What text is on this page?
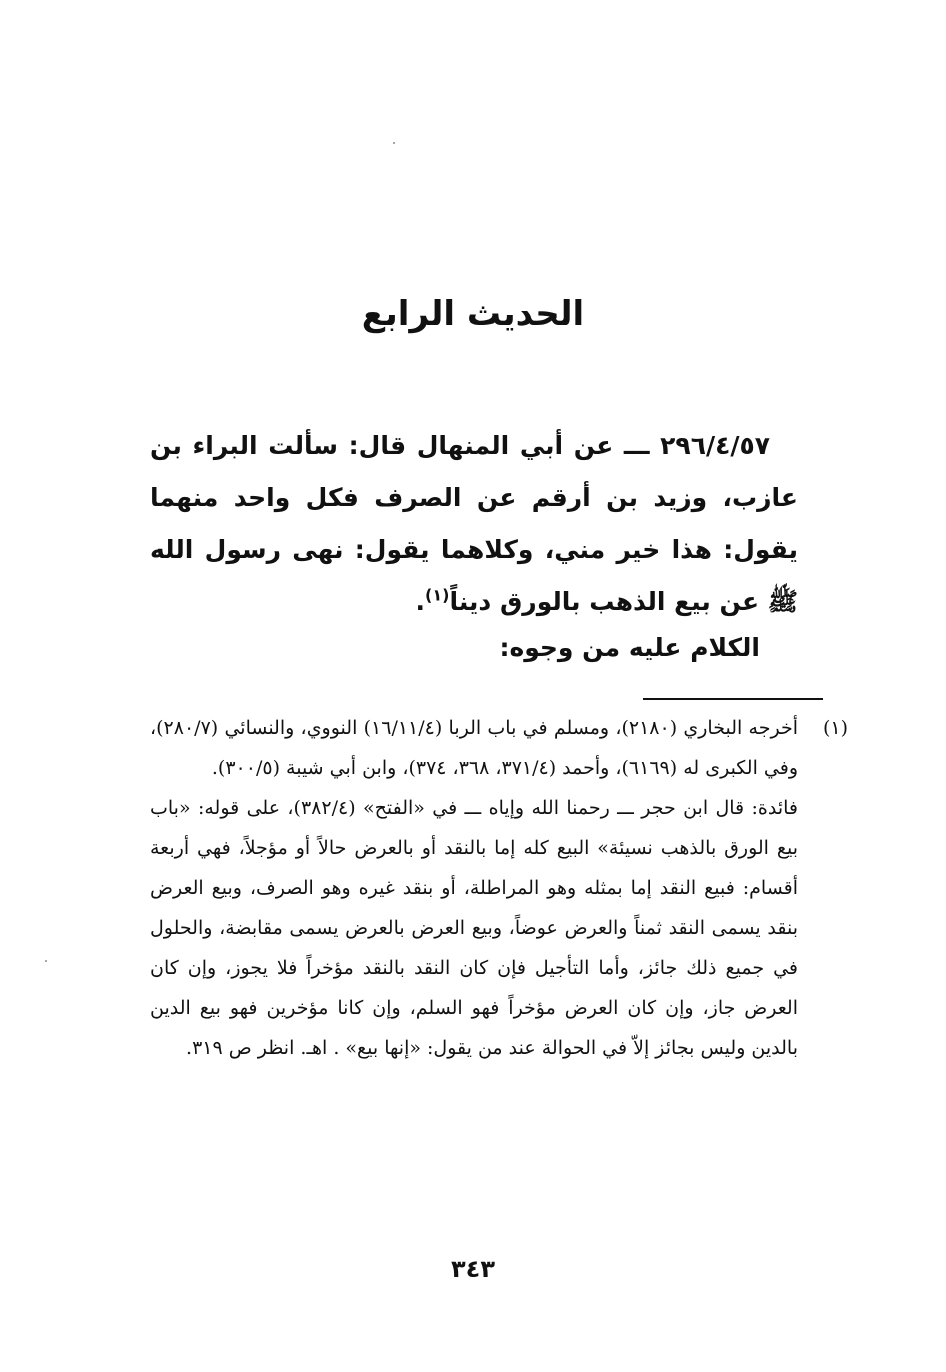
الحديث الرابع

٢٩٦/٤/٥٧ ـــ عن أبي المنهال قال: سألت البراء بن عازب، وزيد بن أرقم عن الصرف فكل واحد منهما يقول: هذا خير مني، وكلاهما يقول: نهى رسول الله ﷺ عن بيع الذهب بالورق ديناً$^{(١)}$.

الكلام عليه من وجوه:
(١)

أخرجه البخاري (٢١٨٠)، ومسلم في باب الربا (١٦/١١/٤) النووي، والنسائي (٢٨٠/٧)، وفي الكبرى له (٦١٦٩)، وأحمد (٣٧١/٤، ٣٦٨، ٣٧٤)، وابن أبي شيبة (٣٠٠/٥).

فائدة: قال ابن حجر ـــ رحمنا الله وإياه ـــ في «الفتح» (٣٨٢/٤)، على قوله: «باب بيع الورق بالذهب نسيئة» البيع كله إما بالنقد أو بالعرض حالاً أو مؤجلاً، فهي أربعة أقسام: فبيع النقد إما بمثله وهو المراطلة، أو بنقد غيره وهو الصرف، وبيع العرض بنقد يسمى النقد ثمناً والعرض عوضاً، وبيع العرض بالعرض يسمى مقابضة، والحلول في جميع ذلك جائز، وأما التأجيل فإن كان النقد بالنقد مؤخراً فلا يجوز، وإن كان العرض جاز، وإن كان العرض مؤخراً فهو السلم، وإن كانا مؤخرين فهو بيع الدين بالدين وليس بجائز إلاّ في الحوالة عند من يقول: «إنها بيع» . اهـ. انظر ص ٣١٩.

٣٤٣
